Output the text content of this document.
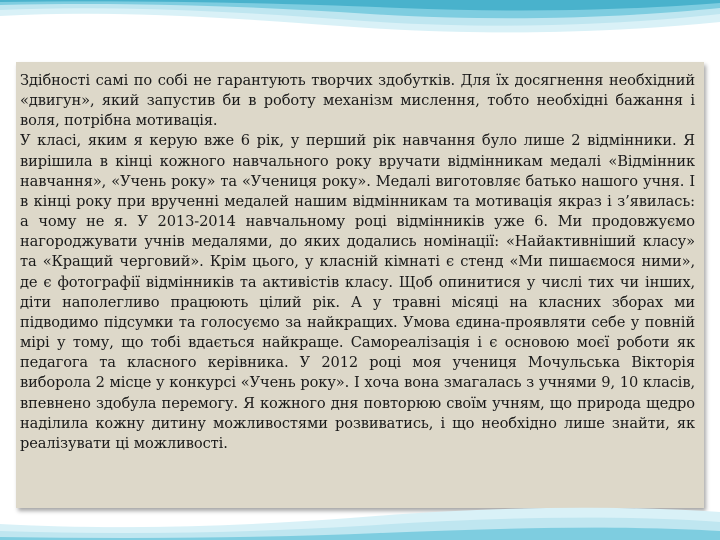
Здібності самі по собі не гарантують творчих здобутків. Для їх досягнення необхідний «двигун», який запустив би в роботу механізм мислення, тобто необхідні бажання і воля, потрібна мотивація.

У класі, яким я керую вже 6 рік, у перший рік навчання було лише 2 відмінники. Я вирішила в кінці кожного навчального року вручати відмінникам медалі «Відмінник навчання», «Учень року» та «Учениця року». Медалі виготовляє батько нашого учня. І в кінці року при врученні медалей нашим відмінникам та мотивація якраз і з’явилась: а чому не я. У 2013-2014 навчальному році відмінників уже 6. Ми продовжуємо нагороджувати учнів медалями, до яких додались номінації: «Найактивніший класу» та «Кращий черговий». Крім цього, у класній кімнаті є стенд «Ми пишаємося ними», де є фотографії відмінників та активістів класу. Щоб опинитися у числі тих чи інших, діти наполегливо працюють цілий рік. А у травні місяці на класних зборах ми підводимо підсумки та голосуємо за найкращих. Умова єдина-проявляти себе у повній мірі у тому, що тобі вдається найкраще. Самореалізація і є основою моєї роботи як педагога та класного керівника. У 2012 році моя учениця Мочульська Вікторія виборола 2 місце у конкурсі «Учень року». І хоча вона змагалась з учнями 9, 10 класів, впевнено здобула перемогу. Я кожного дня повторюю своїм учням, що природа щедро наділила кожну дитину можливостями розвиватись, і що необхідно лише знайти, як реалізувати ці можливості.
